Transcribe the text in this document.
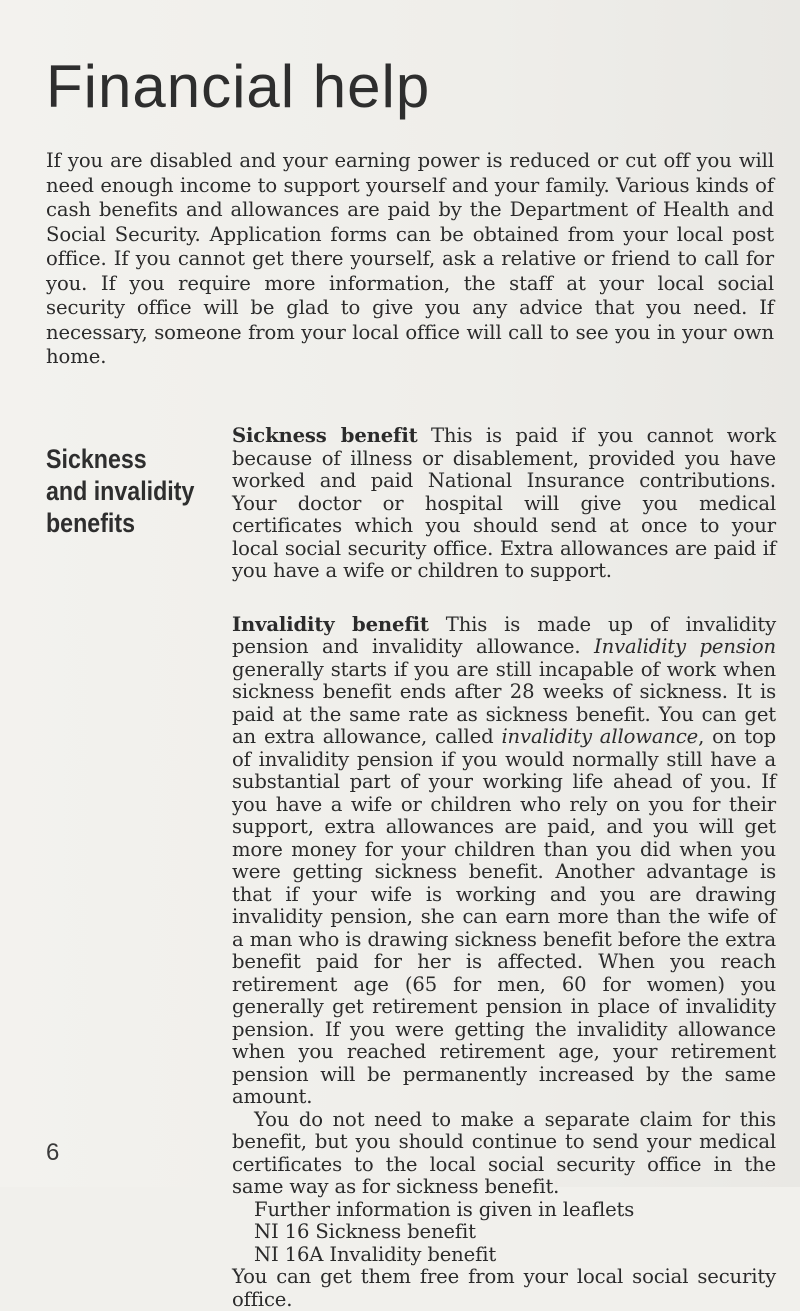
Financial help

If you are disabled and your earning power is reduced or cut off you will need enough income to support yourself and your family. Various kinds of cash benefits and allowances are paid by the Department of Health and Social Security. Application forms can be obtained from your local post office. If you cannot get there yourself, ask a relative or friend to call for you. If you require more information, the staff at your local social security office will be glad to give you any advice that you need. If necessary, someone from your local office will call to see you in your own home.

Sickness
and invalidity
benefits

Sickness benefit This is paid if you cannot work because of illness or disablement, provided you have worked and paid National Insurance contributions. Your doctor or hospital will give you medical certificates which you should send at once to your local social security office. Extra allowances are paid if you have a wife or children to support.

Invalidity benefit This is made up of invalidity pension and invalidity allowance. Invalidity pension generally starts if you are still incapable of work when sickness benefit ends after 28 weeks of sickness. It is paid at the same rate as sickness benefit. You can get an extra allowance, called invalidity allowance, on top of invalidity pension if you would normally still have a substantial part of your working life ahead of you. If you have a wife or children who rely on you for their support, extra allowances are paid, and you will get more money for your children than you did when you were getting sickness benefit. Another advantage is that if your wife is working and you are drawing invalidity pension, she can earn more than the wife of a man who is drawing sickness benefit before the extra benefit paid for her is affected. When you reach retirement age (65 for men, 60 for women) you generally get retirement pension in place of invalidity pension. If you were getting the invalidity allowance when you reached retirement age, your retirement pension will be permanently increased by the same amount.

You do not need to make a separate claim for this benefit, but you should continue to send your medical certificates to the local social security office in the same way as for sickness benefit.

Further information is given in leaflets
NI 16 Sickness benefit
NI 16A Invalidity benefit

You can get them free from your local social security office.

6
